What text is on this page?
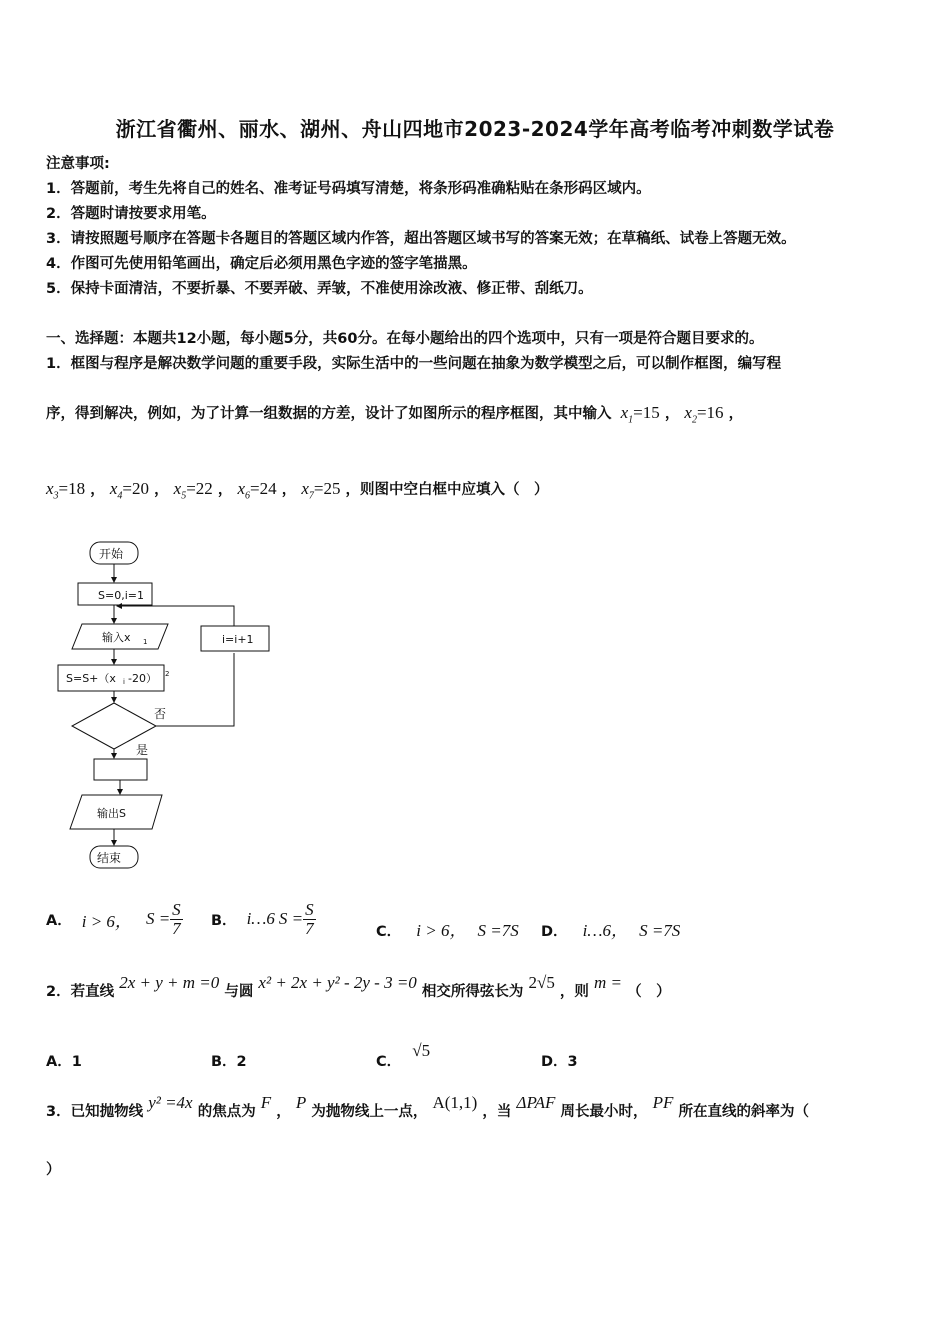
浙江省衢州、丽水、湖州、舟山四地市2023-2024学年高考临考冲刺数学试卷
注意事项:
1．答题前，考生先将自己的姓名、准考证号码填写清楚，将条形码准确粘贴在条形码区域内。
2．答题时请按要求用笔。
3．请按照题号顺序在答题卡各题目的答题区域内作答，超出答题区域书写的答案无效；在草稿纸、试卷上答题无效。
4．作图可先使用铅笔画出，确定后必须用黑色字迹的签字笔描黑。
5．保持卡面清洁，不要折暴、不要弄破、弄皱，不准使用涂改液、修正带、刮纸刀。
一、选择题：本题共12小题，每小题5分，共60分。在每小题给出的四个选项中，只有一项是符合题目要求的。
1．框图与程序是解决数学问题的重要手段，实际生活中的一些问题在抽象为数学模型之后，可以制作框图，编写程
序，得到解决，例如，为了计算一组数据的方差，设计了如图所示的程序框图，其中输入 $x_1=15$ ， $x_2=16$ ，
$x_3=18$ ， $x_4=20$ ， $x_5=22$ ， $x_6=24$ ， $x_7=25$ ，则图中空白框中应填入（　）
开始
S=0,i=1
输入x 1
S=S+（x i -20） 2
i=i+1
否
是
输出S
结束
A． i > 6， $S = \frac{S}{7}$ B． i…6 $S = \frac{S}{7}$	C． i > 6， S =7S D． i…6， S =7S
2．若直线 2x + y + m =0 与圆 x² + 2x + y² - 2y - 3 =0 相交所得弦长为 2√5 ，则 m = （　）
A．1	B．2	C． √5
D．3
3．已知抛物线 y² =4x 的焦点为 F ， P 为抛物线上一点， A(1,1) ，当 ΔPAF 周长最小时， PF 所在直线的斜率为（
）
